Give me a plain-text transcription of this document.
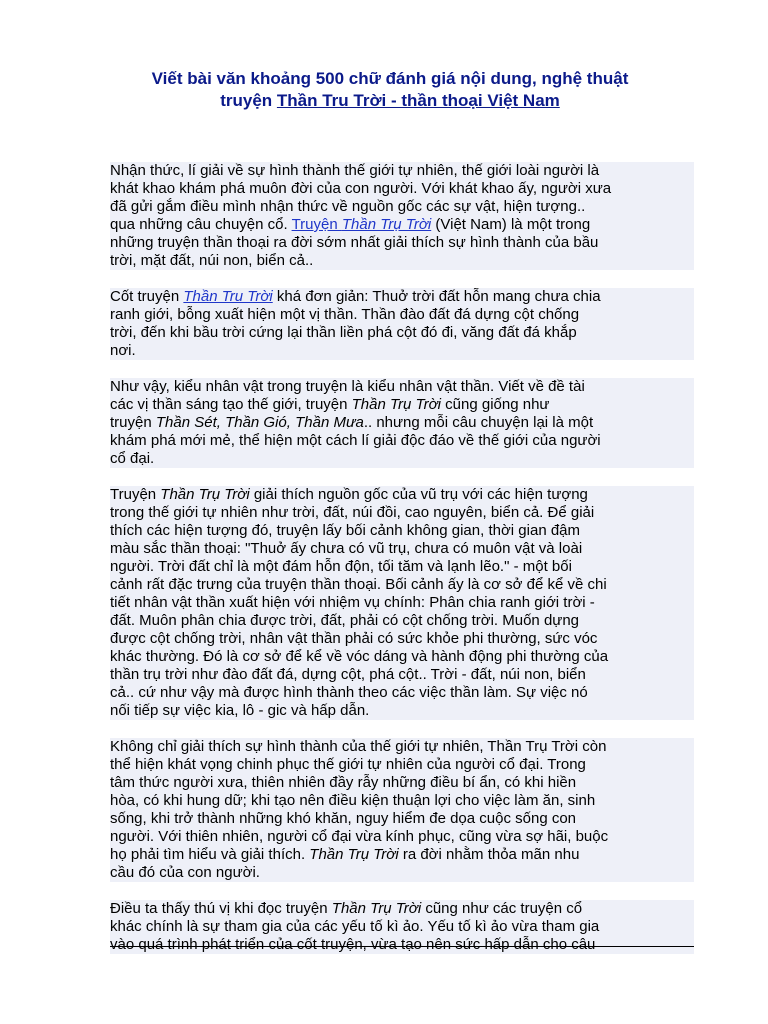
Viết bài văn khoảng 500 chữ đánh giá nội dung, nghệ thuật
truyện Thần Tru Trời - thần thoại Việt Nam
Nhận thức, lí giải về sự hình thành thế giới tự nhiên, thế giới loài người là
khát khao khám phá muôn đời của con người. Với khát khao ấy, người xưa
đã gửi gắm điều mình nhận thức về nguồn gốc các sự vật, hiện tượng..
qua những câu chuyện cổ. Truyện Thần Trụ Trời (Việt Nam) là một trong
những truyện thần thoại ra đời sớm nhất giải thích sự hình thành của bầu
trời, mặt đất, núi non, biển cả..
Cốt truyện Thần Tru Trời khá đơn giản: Thuở trời đất hỗn mang chưa chia
ranh giới, bỗng xuất hiện một vị thần. Thần đào đất đá dựng cột chống
trời, đến khi bầu trời cứng lại thần liền phá cột đó đi, văng đất đá khắp
nơi.
Như vậy, kiểu nhân vật trong truyện là kiểu nhân vật thần. Viết về đề tài
các vị thần sáng tạo thế giới, truyện Thần Trụ Trời cũng giống như
truyện Thần Sét, Thần Gió, Thần Mưa.. nhưng mỗi câu chuyện lại là một
khám phá mới mẻ, thể hiện một cách lí giải độc đáo về thế giới của người
cổ đại.
Truyện Thần Trụ Trời giải thích nguồn gốc của vũ trụ với các hiện tượng
trong thế giới tự nhiên như trời, đất, núi đồi, cao nguyên, biển cả. Để giải
thích các hiện tượng đó, truyện lấy bối cảnh không gian, thời gian đậm
màu sắc thần thoại: "Thuở ấy chưa có vũ trụ, chưa có muôn vật và loài
người. Trời đất chỉ là một đám hỗn độn, tối tăm và lạnh lẽo." - một bối
cảnh rất đặc trưng của truyện thần thoại. Bối cảnh ấy là cơ sở để kể về chi
tiết nhân vật thần xuất hiện với nhiệm vụ chính: Phân chia ranh giới trời -
đất. Muôn phân chia được trời, đất, phải có cột chống trời. Muốn dựng
được cột chống trời, nhân vật thần phải có sức khỏe phi thường, sức vóc
khác thường. Đó là cơ sở để kể về vóc dáng và hành động phi thường của
thần trụ trời như đào đất đá, dựng cột, phá cột.. Trời - đất, núi non, biển
cả.. cứ như vậy mà được hình thành theo các việc thần làm. Sự việc nó
nối tiếp sự việc kia, lô - gic và hấp dẫn.
Không chỉ giải thích sự hình thành của thế giới tự nhiên, Thần Trụ Trời còn
thể hiện khát vọng chinh phục thế giới tự nhiên của người cổ đại. Trong
tâm thức người xưa, thiên nhiên đầy rẫy những điều bí ẩn, có khi hiền
hòa, có khi hung dữ; khi tạo nên điều kiện thuận lợi cho việc làm ăn, sinh
sống, khi trở thành những khó khăn, nguy hiểm đe dọa cuộc sống con
người. Với thiên nhiên, người cổ đại vừa kính phục, cũng vừa sợ hãi, buộc
họ phải tìm hiểu và giải thích. Thần Trụ Trời ra đời nhằm thỏa mãn nhu
cầu đó của con người.
Điều ta thấy thú vị khi đọc truyện Thần Trụ Trời cũng như các truyện cổ
khác chính là sự tham gia của các yếu tố kì ảo. Yếu tố kì ảo vừa tham gia
vào quá trình phát triển của cốt truyện, vừa tạo nên sức hấp dẫn cho câu
